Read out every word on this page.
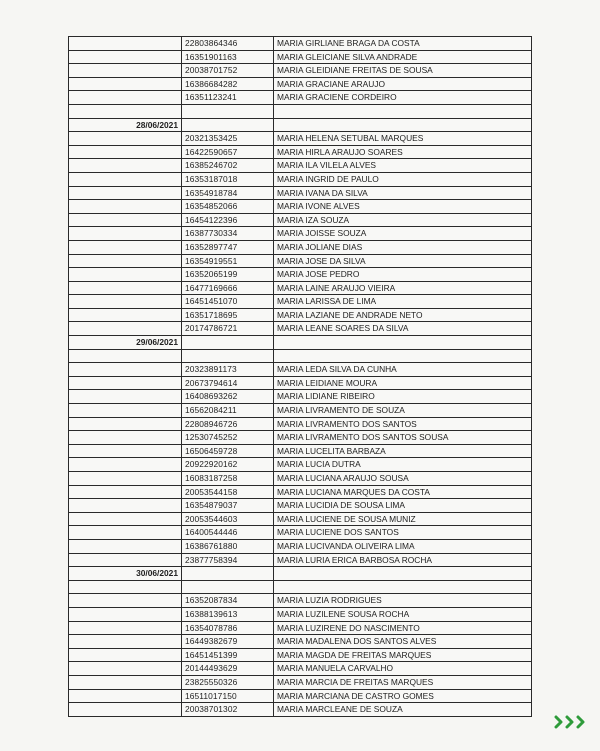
	22803864346	MARIA GIRLIANE BRAGA DA COSTA
	16351901163	MARIA GLEICIANE SILVA ANDRADE
	20038701752	MARIA GLEIDIANE FREITAS DE SOUSA
	16386684282	MARIA GRACIANE ARAUJO
	16351123241	MARIA GRACIENE CORDEIRO

28/06/2021		
	20321353425	MARIA HELENA SETUBAL MARQUES
	16422590657	MARIA HIRLA ARAUJO SOARES
	16385246702	MARIA ILA VILELA ALVES
	16353187018	MARIA INGRID DE PAULO
	16354918784	MARIA IVANA DA SILVA
	16354852066	MARIA IVONE ALVES
	16454122396	MARIA IZA SOUZA
	16387730334	MARIA JOISSE SOUZA
	16352897747	MARIA JOLIANE DIAS
	16354919551	MARIA JOSE DA SILVA
	16352065199	MARIA JOSE PEDRO
	16477169666	MARIA LAINE ARAUJO VIEIRA
	16451451070	MARIA LARISSA DE LIMA
	16351718695	MARIA LAZIANE DE ANDRADE NETO
	20174786721	MARIA LEANE SOARES DA SILVA
29/06/2021		

	20323891173	MARIA LEDA SILVA DA CUNHA
	20673794614	MARIA LEIDIANE MOURA
	16408693262	MARIA LIDIANE RIBEIRO
	16562084211	MARIA LIVRAMENTO DE SOUZA
	22808946726	MARIA LIVRAMENTO DOS SANTOS
	12530745252	MARIA LIVRAMENTO DOS SANTOS SOUSA
	16506459728	MARIA LUCELITA BARBAZA
	20922920162	MARIA LUCIA DUTRA
	16083187258	MARIA LUCIANA ARAUJO SOUSA
	20053544158	MARIA LUCIANA MARQUES DA COSTA
	16354879037	MARIA LUCIDIA DE SOUSA LIMA
	20053544603	MARIA LUCIENE DE SOUSA MUNIZ
	16400544446	MARIA LUCIENE DOS SANTOS
	16386761880	MARIA LUCIVANDA OLIVEIRA LIMA
	23877758394	MARIA LURIA ERICA BARBOSA ROCHA
30/06/2021		

	16352087834	MARIA LUZIA RODRIGUES
	16388139613	MARIA LUZILENE SOUSA ROCHA
	16354078786	MARIA LUZIRENE DO NASCIMENTO
	16449382679	MARIA MADALENA DOS SANTOS ALVES
	16451451399	MARIA MAGDA DE FREITAS MARQUES
	20144493629	MARIA MANUELA CARVALHO
	23825550326	MARIA MARCIA DE FREITAS MARQUES
	16511017150	MARIA MARCIANA DE CASTRO GOMES
	20038701302	MARIA MARCLEANE DE SOUZA
